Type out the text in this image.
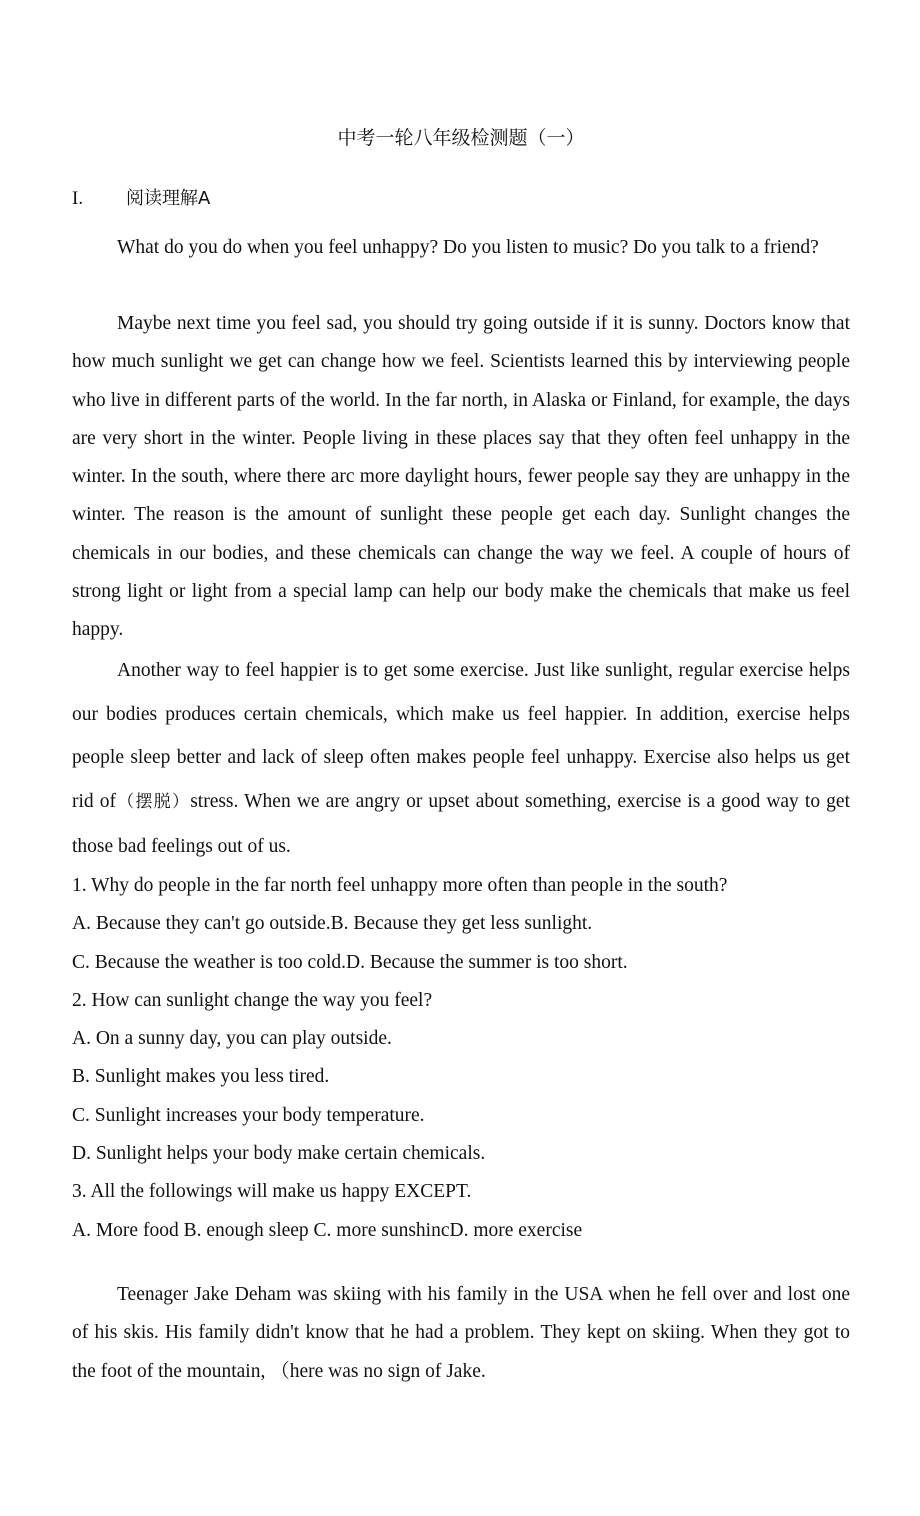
中考一轮八年级检测题（一）
I. 阅读理解A

What do you do when you feel unhappy? Do you listen to music? Do you talk to a friend?

Maybe next time you feel sad, you should try going outside if it is sunny. Doctors know that how much sunlight we get can change how we feel. Scientists learned this by interviewing people who live in different parts of the world. In the far north, in Alaska or Finland, for example, the days are very short in the winter. People living in these places say that they often feel unhappy in the winter. In the south, where there arc more daylight hours, fewer people say they are unhappy in the winter. The reason is the amount of sunlight these people get each day. Sunlight changes the chemicals in our bodies, and these chemicals can change the way we feel. A couple of hours of strong light or light from a special lamp can help our body make the chemicals that make us feel happy.

Another way to feel happier is to get some exercise. Just like sunlight, regular exercise helps our bodies produces certain chemicals, which make us feel happier. In addition, exercise helps people sleep better and lack of sleep often makes people feel unhappy. Exercise also helps us get rid of（摆脱）stress. When we are angry or upset about something, exercise is a good way to get those bad feelings out of us.

1. Why do people in the far north feel unhappy more often than people in the south?
A. Because they can't go outside.B. Because they get less sunlight.
C. Because the weather is too cold.D. Because the summer is too short.
2. How can sunlight change the way you feel?
A. On a sunny day, you can play outside.
B. Sunlight makes you less tired.
C. Sunlight increases your body temperature.
D. Sunlight helps your body make certain chemicals.
3. All the followings will make us happy EXCEPT.
A. More food B. enough sleep C. more sunshincD. more exercise

Teenager Jake Deham was skiing with his family in the USA when he fell over and lost one of his skis. His family didn't know that he had a problem. They kept on skiing. When they got to the foot of the mountain, （here was no sign of Jake.
